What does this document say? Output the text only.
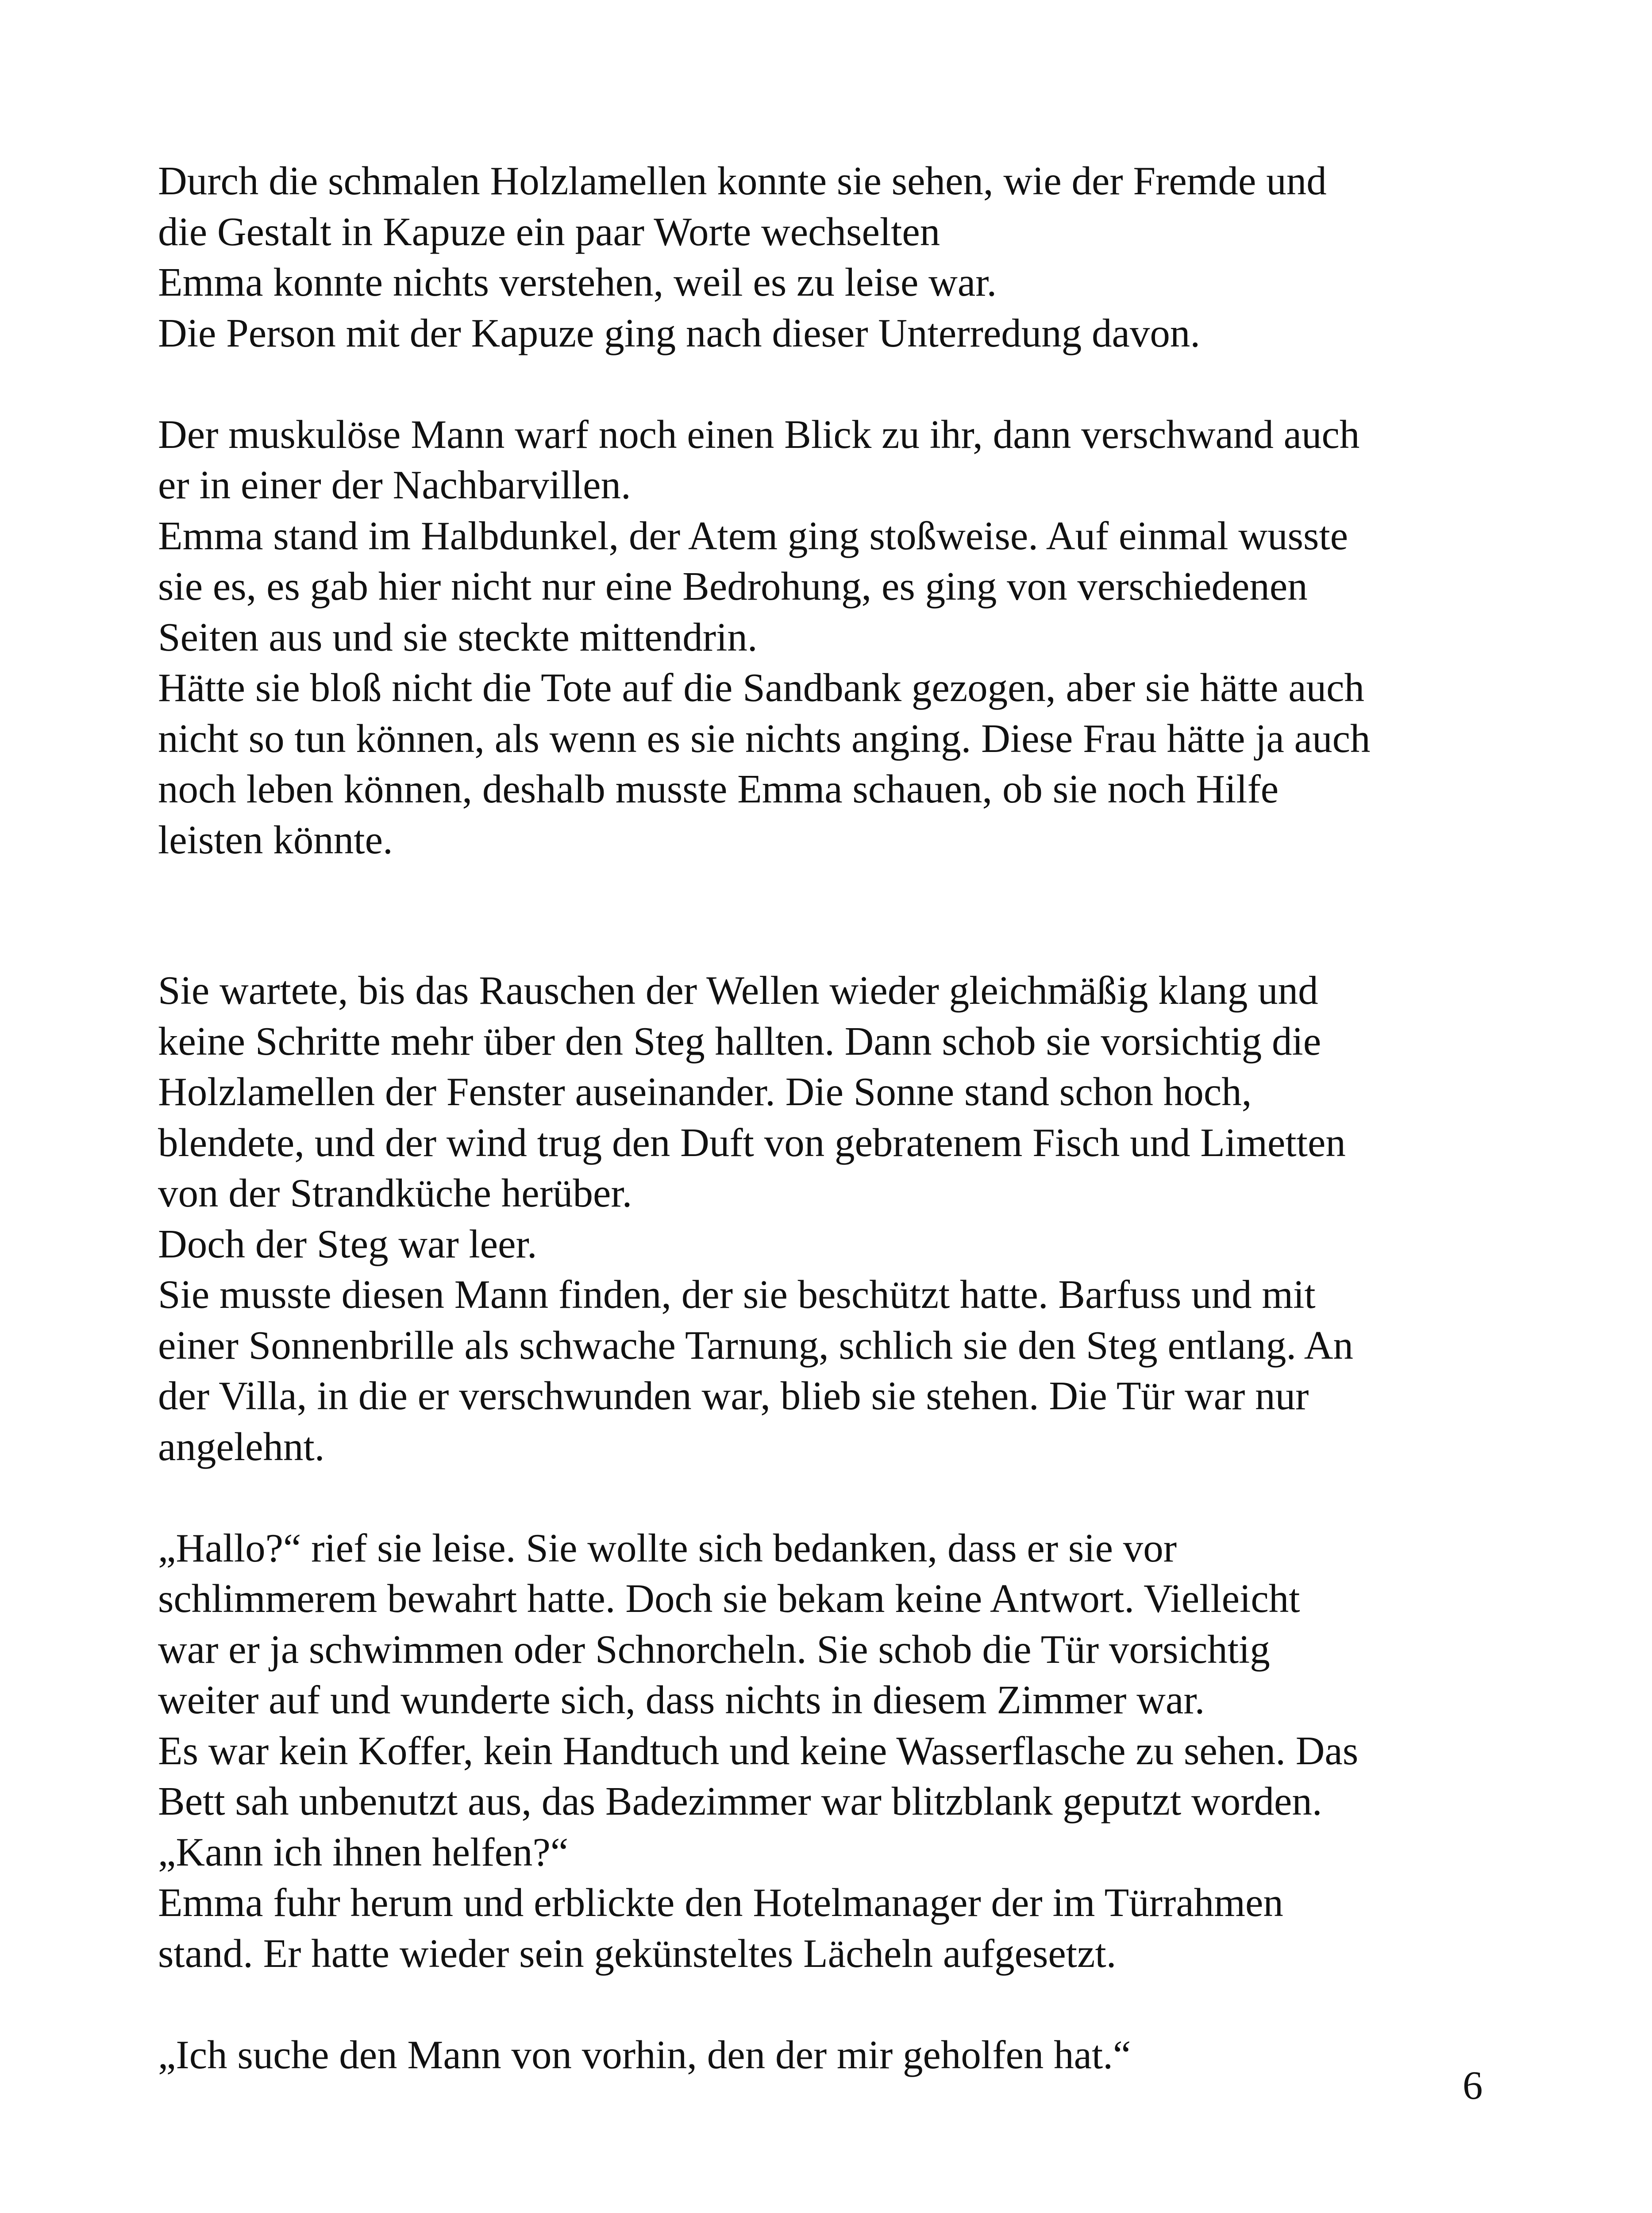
Durch die schmalen Holzlamellen konnte sie sehen, wie der Fremde und
die Gestalt in Kapuze ein paar Worte wechselten
Emma konnte nichts verstehen, weil es zu leise war.
Die Person mit der Kapuze ging nach dieser Unterredung davon.

Der muskulöse Mann warf noch einen Blick zu ihr, dann verschwand auch
er in einer der Nachbarvillen.
Emma stand im Halbdunkel, der Atem ging stoßweise. Auf einmal wusste
sie es, es gab hier nicht nur eine Bedrohung, es ging von verschiedenen
Seiten aus und sie steckte mittendrin.
Hätte sie bloß nicht die Tote auf die Sandbank gezogen, aber sie hätte auch
nicht so tun können, als wenn es sie nichts anging. Diese Frau hätte ja auch
noch leben können, deshalb musste Emma schauen, ob sie noch Hilfe
leisten könnte.

Sie wartete, bis das Rauschen der Wellen wieder gleichmäßig klang und
keine Schritte mehr über den Steg hallten. Dann schob sie vorsichtig die
Holzlamellen der Fenster auseinander. Die Sonne stand schon hoch,
blendete, und der wind trug den Duft von gebratenem Fisch und Limetten
von der Strandküche herüber.
Doch der Steg war leer.
Sie musste diesen Mann finden, der sie beschützt hatte. Barfuss und mit
einer Sonnenbrille als schwache Tarnung, schlich sie den Steg entlang. An
der Villa, in die er verschwunden war, blieb sie stehen. Die Tür war nur
angelehnt.

„Hallo?“ rief sie leise. Sie wollte sich bedanken, dass er sie vor
schlimmerem bewahrt hatte. Doch sie bekam keine Antwort. Vielleicht
war er ja schwimmen oder Schnorcheln. Sie schob die Tür vorsichtig
weiter auf und wunderte sich, dass nichts in diesem Zimmer war.
Es war kein Koffer, kein Handtuch und keine Wasserflasche zu sehen. Das
Bett sah unbenutzt aus, das Badezimmer war blitzblank geputzt worden.
„Kann ich ihnen helfen?“
Emma fuhr herum und erblickte den Hotelmanager der im Türrahmen
stand. Er hatte wieder sein gekünsteltes Lächeln aufgesetzt.

„Ich suche den Mann von vorhin, den der mir geholfen hat.“

6
